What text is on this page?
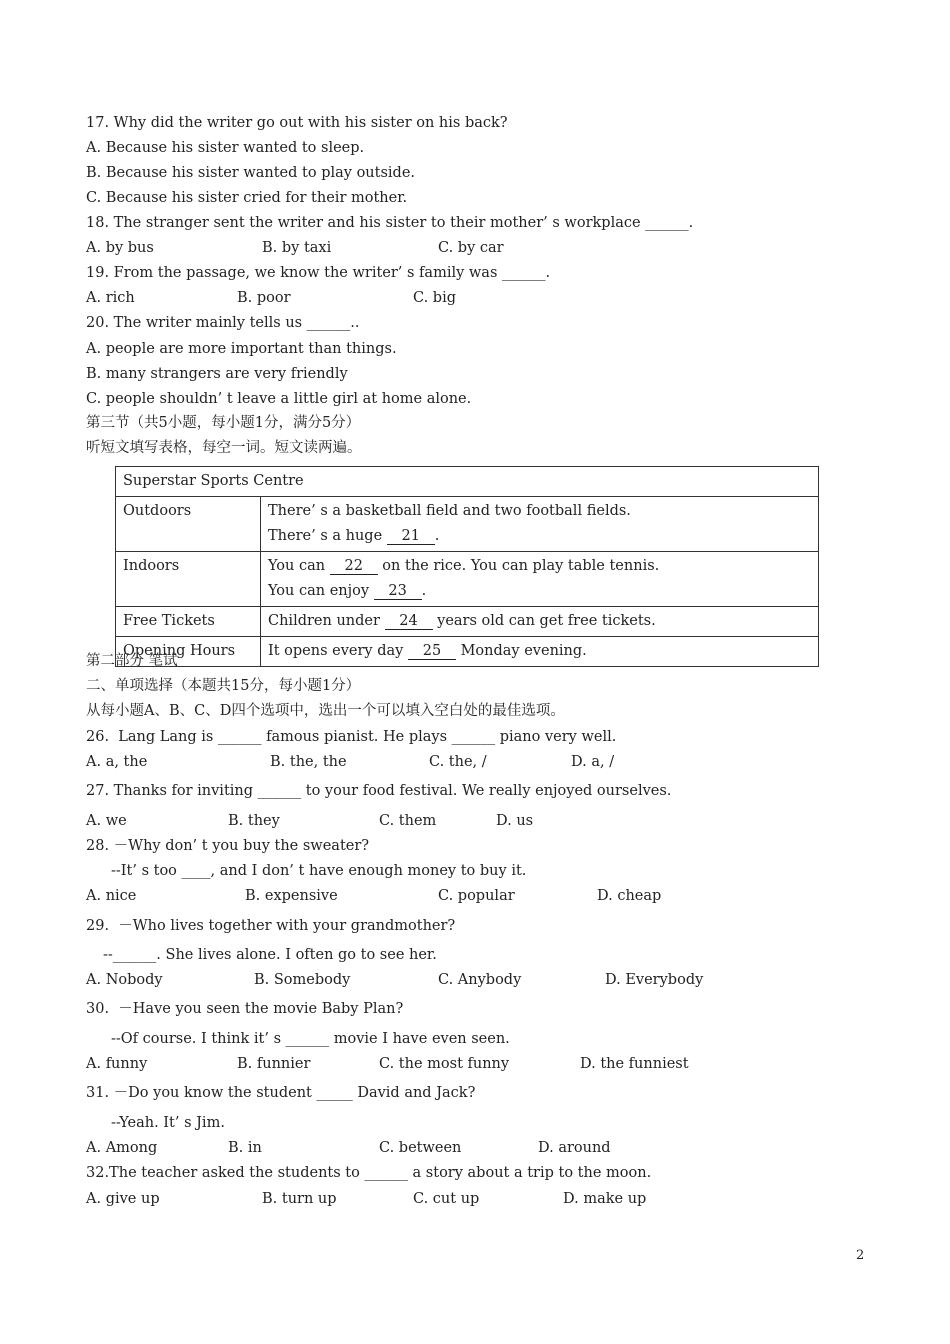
17. Why did the writer go out with his sister on his back?
A. Because his sister wanted to sleep.
B. Because his sister wanted to play outside.
C. Because his sister cried for their mother.
18. The stranger sent the writer and his sister to their mother’ s workplace ______.
A. by bus	B. by taxi	C. by car
19. From the passage, we know the writer’ s family was ______.
A. rich	B. poor	C. big
20. The writer mainly tells us ______..
A. people are more important than things.
B. many strangers are very friendly
C. people shouldn’ t leave a little girl at home alone.
第三节（共5小题，每小题1分，满分5分）
听短文填写表格，每空一词。短文读两遍。
Superstar Sports Centre	
Outdoors	There’ s a basketball field and two football fields.
There’ s a huge 21 .
Indoors	You can 22 on the rice. You can play table tennis.
You can enjoy 23 .
Free Tickets	Children under 24 years old can get free tickets.
Opening Hours	It opens every day 25 Monday evening.
第二部分 笔试
二、单项选择（本题共15分，每小题1分）
从每小题A、B、C、D四个选项中，选出一个可以填入空白处的最佳选项。
26.  Lang Lang is ______ famous pianist. He plays ______ piano very well.
A. a, the	B. the, the	C. the, /	D. a, /
27. Thanks for inviting ______ to your food festival. We really enjoyed ourselves.
A. we	B. they	C. them	D. us
28. －Why don’ t you buy the sweater?
--It’ s too ____, and I don’ t have enough money to buy it.
A. nice	B. expensive	C. popular	D. cheap
29.  －Who lives together with your grandmother?
--______. She lives alone. I often go to see her.
A. Nobody	B. Somebody	C. Anybody	D. Everybody
30.  －Have you seen the movie Baby Plan?
--Of course. I think it’ s ______ movie I have even seen.
A. funny	B. funnier	C. the most funny	D. the funniest
31. －Do you know the student _____ David and Jack?
--Yeah. It’ s Jim.
A. Among	B. in	C. between	D. around
32.The teacher asked the students to ______ a story about a trip to the moon.
A. give up	B. turn up	C. cut up	D. make up
2
